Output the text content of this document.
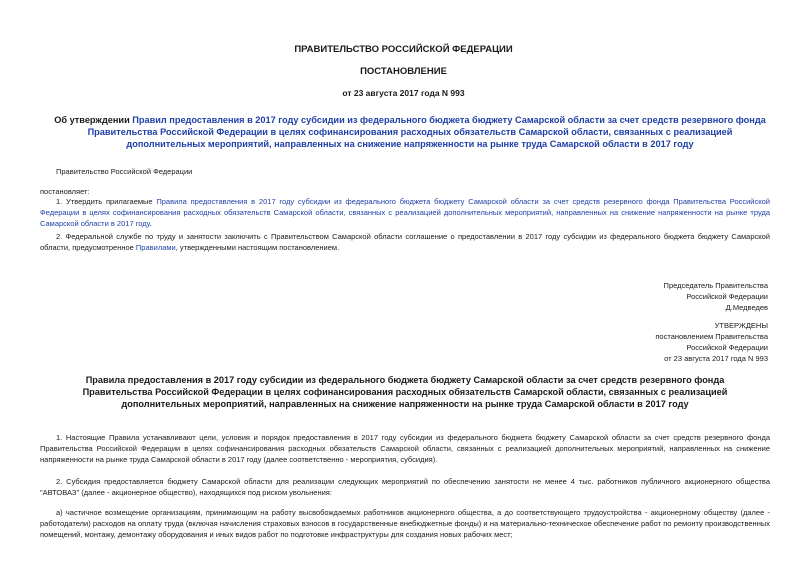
ПРАВИТЕЛЬСТВО РОССИЙСКОЙ ФЕДЕРАЦИИ

ПОСТАНОВЛЕНИЕ

от 23 августа 2017 года N 993

Об утверждении Правил предоставления в 2017 году субсидии из федерального бюджета бюджету Самарской области за счет средств резервного фонда Правительства Российской Федерации в целях софинансирования расходных обязательств Самарской области, связанных с реализацией дополнительных мероприятий, направленных на снижение напряженности на рынке труда Самарской области в 2017 году

Правительство Российской Федерации

постановляет:

1. Утвердить прилагаемые Правила предоставления в 2017 году субсидии из федерального бюджета бюджету Самарской области за счет средств резервного фонда Правительства Российской Федерации в целях софинансирования расходных обязательств Самарской области, связанных с реализацией дополнительных мероприятий, направленных на снижение напряженности на рынке труда Самарской области в 2017 году.

2. Федеральной службе по труду и занятости заключить с Правительством Самарской области соглашение о предоставлении в 2017 году субсидии из федерального бюджета бюджету Самарской области, предусмотренное Правилами, утвержденными настоящим постановлением.

Председатель Правительства

Российской Федерации

Д.Медведев

УТВЕРЖДЕНЫ

постановлением Правительства

Российской Федерации

от 23 августа 2017 года N 993

Правила предоставления в 2017 году субсидии из федерального бюджета бюджету Самарской области за счет средств резервного фонда Правительства Российской Федерации в целях софинансирования расходных обязательств Самарской области, связанных с реализацией дополнительных мероприятий, направленных на снижение напряженности на рынке труда Самарской области в 2017 году

1. Настоящие Правила устанавливают цели, условия и порядок предоставления в 2017 году субсидии из федерального бюджета бюджету Самарской области за счет средств резервного фонда Правительства Российской Федерации в целях софинансирования расходных обязательств Самарской области, связанных с реализацией дополнительных мероприятий, направленных на снижение напряженности на рынке труда Самарской области в 2017 году (далее соответственно - мероприятия, субсидия).

2. Субсидия предоставляется бюджету Самарской области для реализации следующих мероприятий по обеспечению занятости не менее 4 тыс. работников публичного акционерного общества "АВТОВАЗ" (далее - акционерное общество), находящихся под риском увольнения:

а) частичное возмещение организациям, принимающим на работу высвобождаемых работников акционерного общества, а до соответствующего трудоустройства - акционерному обществу (далее - работодатели) расходов на оплату труда (включая начисления страховых взносов в государственные внебюджетные фонды) и на материально-техническое обеспечение работ по ремонту производственных помещений, монтажу, демонтажу оборудования и иных видов работ по подготовке инфраструктуры для создания новых рабочих мест;
